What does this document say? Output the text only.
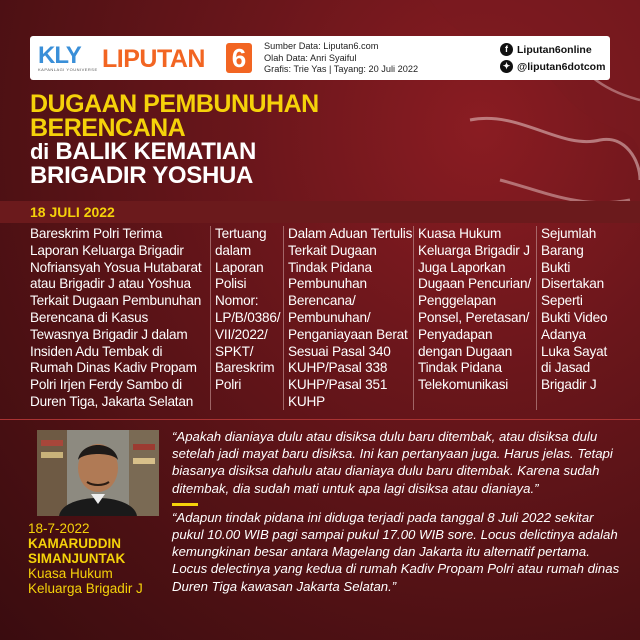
KLY
KAPANLAGI YOUNIVERSE LIPUTAN 6	Sumber Data: Liputan6.com
Olah Data: Anri Syaiful
Grafis: Trie Yas | Tayang: 20 Juli 2022
f Liputan6online
✦ @liputan6dotcom
DUGAAN PEMBUNUHAN
BERENCANA
di BALIK KEMATIAN
BRIGADIR YOSHUA
18 JULI 2022
Bareskrim Polri Terima Laporan Keluarga Brigadir Nofriansyah Yosua Hutabarat atau Brigadir J atau Yoshua Terkait Dugaan Pembunuhan Berencana di Kasus Tewasnya Brigadir J dalam Insiden Adu Tembak di Rumah Dinas Kadiv Propam Polri Irjen Ferdy Sambo di Duren Tiga, Jakarta Selatan
Tertuang dalam Laporan Polisi Nomor: LP/B/0386/ VII/2022/ SPKT/ Bareskrim Polri
Dalam Aduan Tertulis Terkait Dugaan Tindak Pidana Pembunuhan Berencana/ Pembunuhan/ Penganiayaan Berat Sesuai Pasal 340 KUHP/Pasal 338 KUHP/Pasal 351 KUHP
Kuasa Hukum Keluarga Brigadir J Juga Laporkan Dugaan Pencurian/ Penggelapan Ponsel, Peretasan/ Penyadapan dengan Dugaan Tindak Pidana Telekomunikasi
Sejumlah Barang Bukti Disertakan Seperti Bukti Video Adanya Luka Sayat di Jasad Brigadir J
18-7-2022
KAMARUDDIN
SIMANJUNTAK
Kuasa Hukum
Keluarga Brigadir J
“Apakah dianiaya dulu atau disiksa dulu baru ditembak, atau disiksa dulu setelah jadi mayat baru disiksa. Ini kan pertanyaan juga. Harus jelas. Tetapi biasanya disiksa dahulu atau dianiaya dulu baru ditembak. Karena sudah ditembak, dia sudah mati untuk apa lagi disiksa atau dianiaya.”
“Adapun tindak pidana ini diduga terjadi pada tanggal 8 Juli 2022 sekitar pukul 10.00 WIB pagi sampai pukul 17.00 WIB sore. Locus delictinya adalah kemungkinan besar antara Magelang dan Jakarta itu alternatif pertama. Locus delectinya yang kedua di rumah Kadiv Propam Polri atau rumah dinas Duren Tiga kawasan Jakarta Selatan.”
